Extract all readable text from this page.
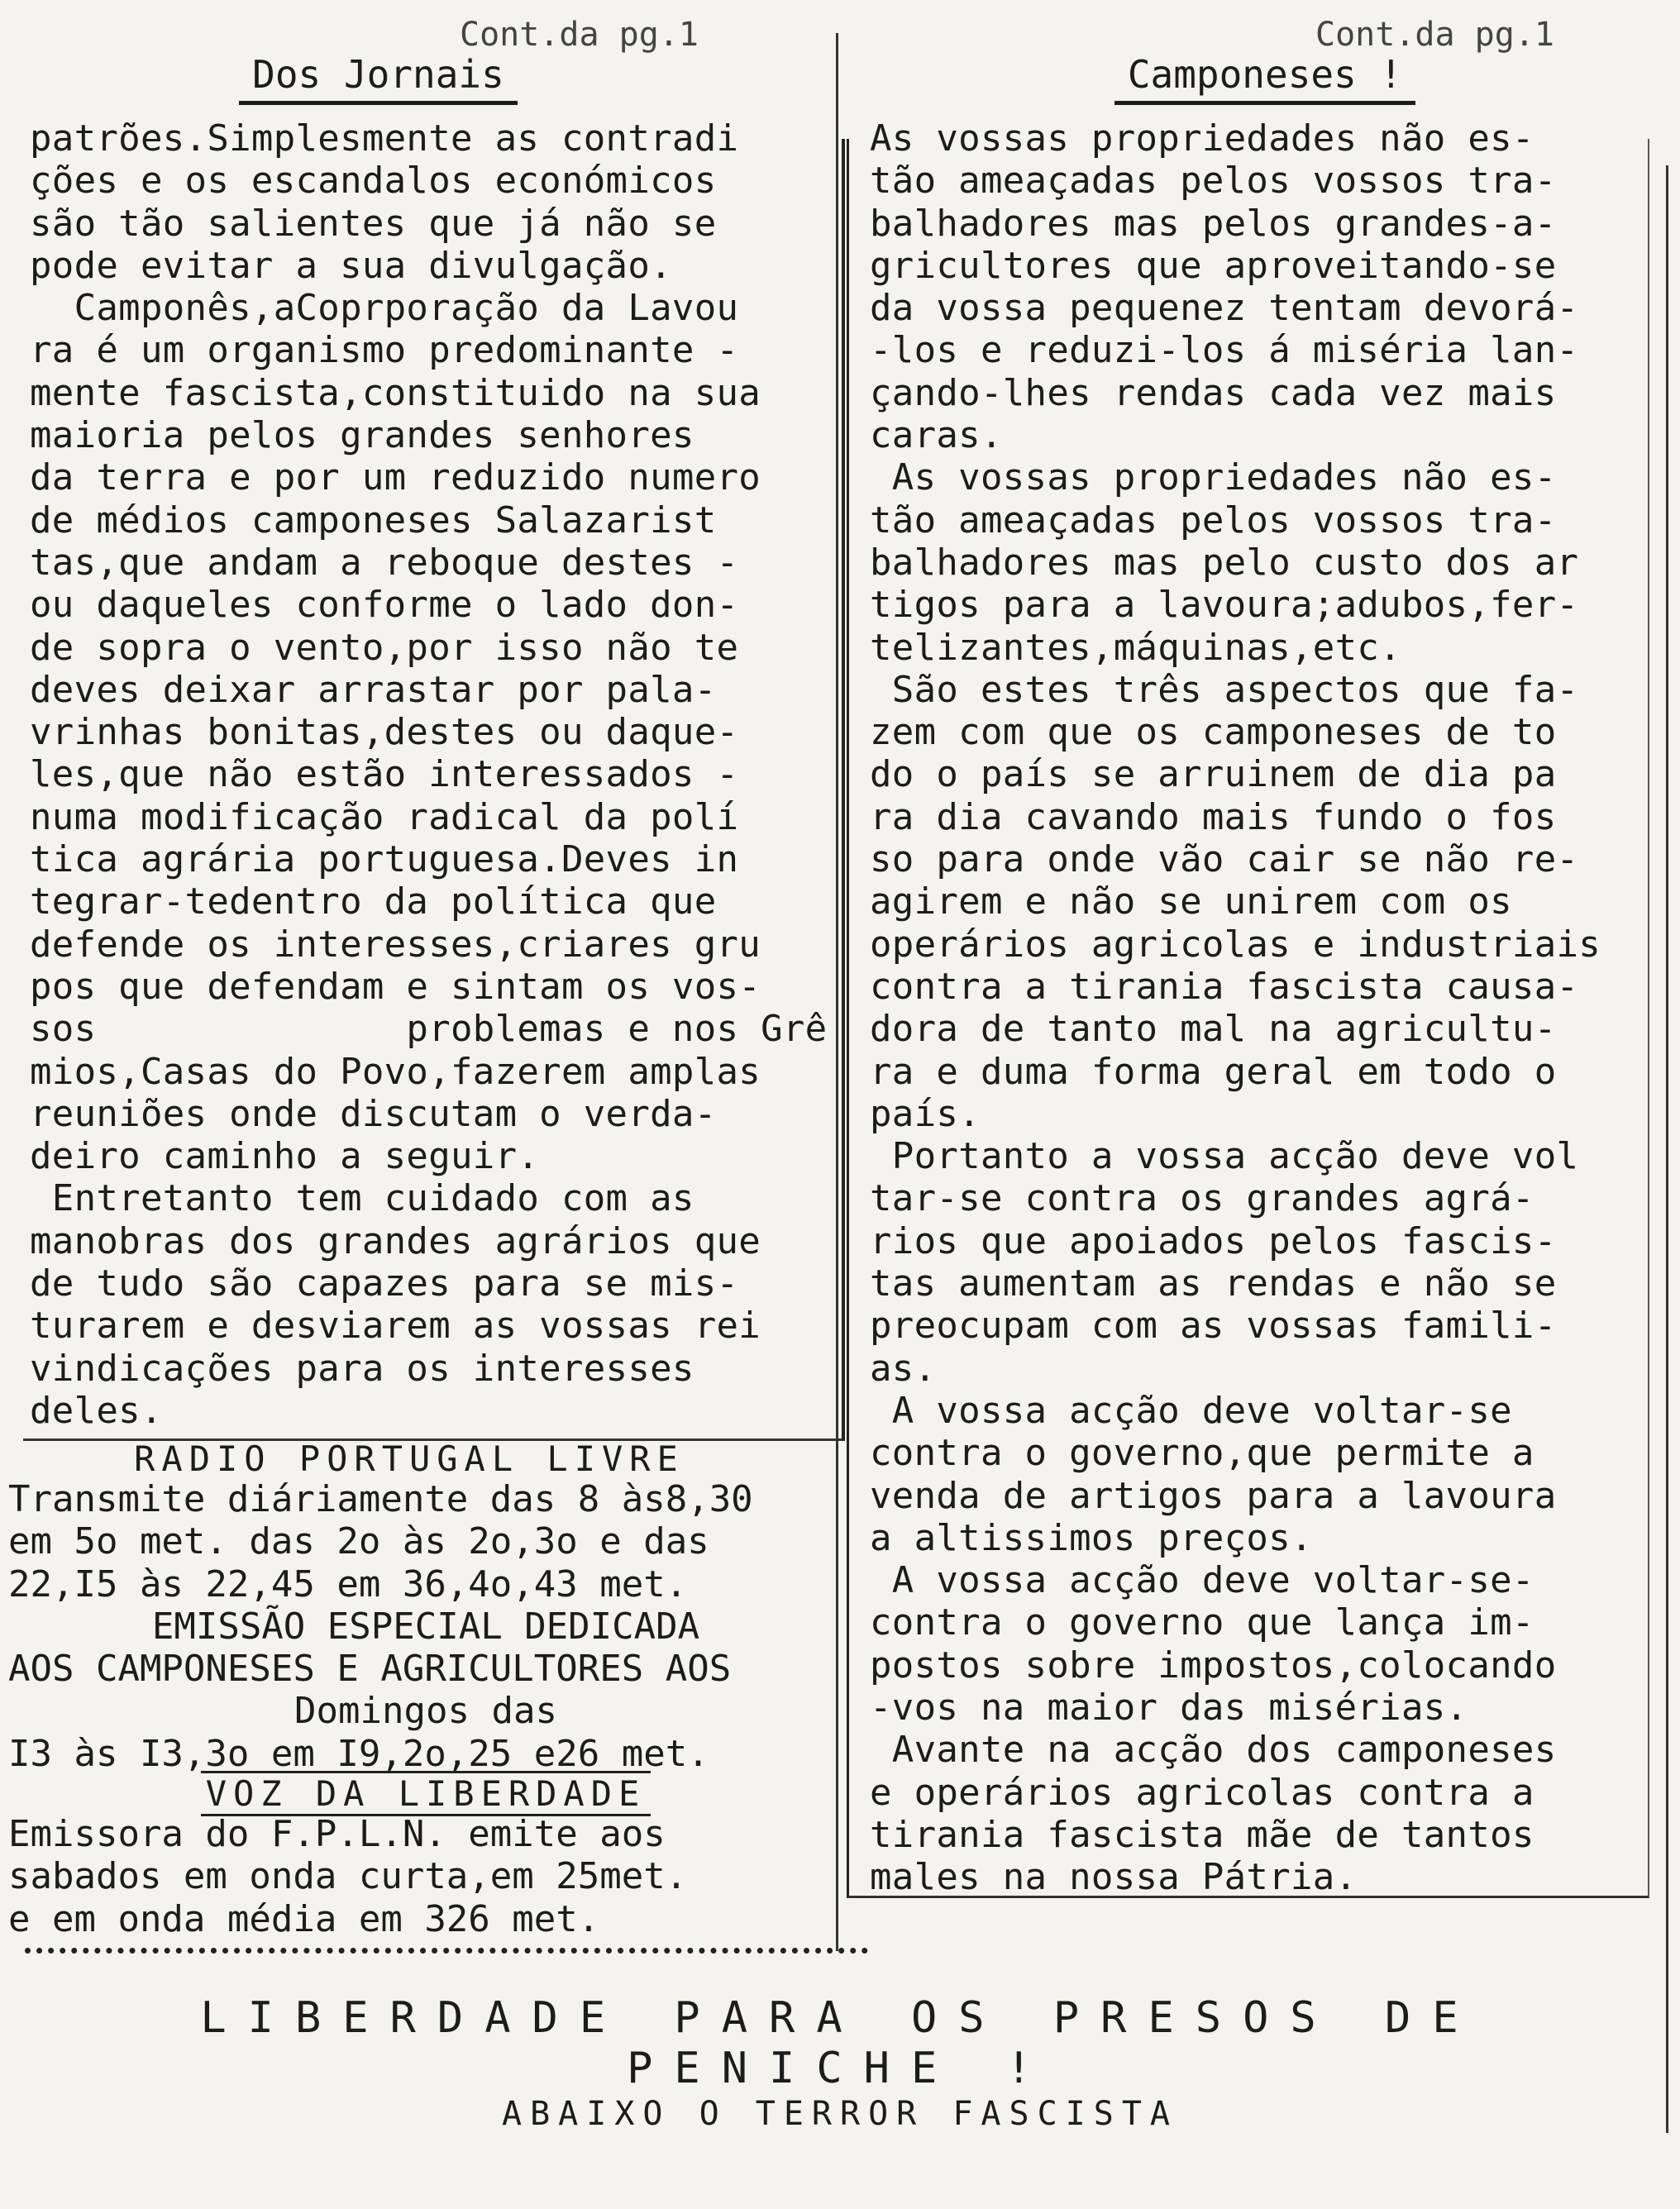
Cont.da pg.1
Dos Jornais
patrões.Simplesmente as contradi
ções e os escandalos económicos
são tão salientes que já não se
pode evitar a sua divulgação.
Camponês,aCoprporação da Lavou
ra é um organismo predominante -
mente fascista,constituido na sua
maioria pelos grandes senhores
da terra e por um reduzido numero
de médios camponeses Salazarist
tas,que andam a reboque destes -
ou daqueles conforme o lado don-
de sopra o vento,por isso não te
deves deixar arrastar por pala-
vrinhas bonitas,destes ou daque-
les,que não estão interessados -
numa modificação radical da polí
tica agrária portuguesa.Deves in
tegrar-tedentro da política que
defende os interesses,criares gru
pos que defendam e sintam os vos-
sos              problemas e nos Grê
mios,Casas do Povo,fazerem amplas
reuniões onde discutam o verda-
deiro caminho a seguir.
Entretanto tem cuidado com as
manobras dos grandes agrários que
de tudo são capazes para se mis-
turarem e desviarem as vossas rei
vindicações para os interesses
deles.
RADIO PORTUGAL LIVRE
Transmite diáriamente das 8 às8,30
em 5o met. das 2o às 2o,3o e das
22,I5 às 22,45 em 36,4o,43 met.
EMISSÃO ESPECIAL DEDICADA
AOS CAMPONESES E AGRICULTORES AOS
Domingos das
I3 às I3,3o em I9,2o,25 e26 met.
VOZ DA LIBERDADE
Emissora do F.P.L.N. emite aos
sabados em onda curta,em 25met.
e em onda média em 326 met.
Cont.da pg.1
Camponeses !
As vossas propriedades não es-
tão ameaçadas pelos vossos tra-
balhadores mas pelos grandes-a-
gricultores que aproveitando-se
da vossa pequenez tentam devorá-
-los e reduzi-los á miséria lan-
çando-lhes rendas cada vez mais
caras.
As vossas propriedades não es-
tão ameaçadas pelos vossos tra-
balhadores mas pelo custo dos ar
tigos para a lavoura;adubos,fer-
telizantes,máquinas,etc.
São estes três aspectos que fa-
zem com que os camponeses de to
do o país se arruinem de dia pa
ra dia cavando mais fundo o fos
so para onde vão cair se não re-
agirem e não se unirem com os
operários agricolas e industriais
contra a tirania fascista causa-
dora de tanto mal na agricultu-
ra e duma forma geral em todo o
país.
Portanto a vossa acção deve vol
tar-se contra os grandes agrá-
rios que apoiados pelos fascis-
tas aumentam as rendas e não se
preocupam com as vossas famili-
as.
A vossa acção deve voltar-se
contra o governo,que permite a
venda de artigos para a lavoura
a altissimos preços.
A vossa acção deve voltar-se-
contra o governo que lança im-
postos sobre impostos,colocando
-vos na maior das misérias.
Avante na acção dos camponeses
e operários agricolas contra a
tirania fascista mãe de tantos
males na nossa Pátria.
LIBERDADE PARA OS PRESOS DE
PENICHE !
ABAIXO O TERROR FASCISTA
